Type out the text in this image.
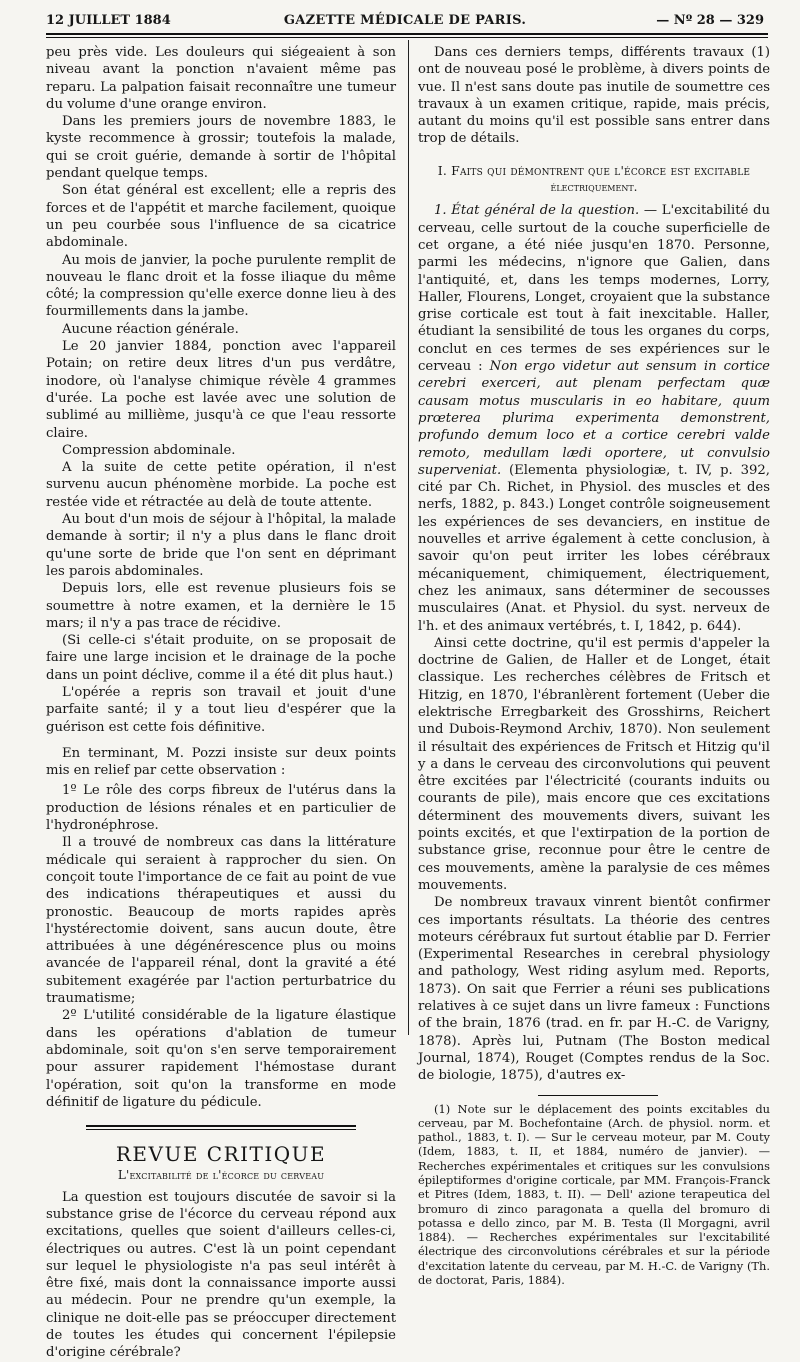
12 JUILLET 1884	GAZETTE MÉDICALE DE PARIS.	— Nº 28 — 329

peu près vide. Les douleurs qui siégeaient à son niveau avant la ponction n'avaient même pas reparu. La palpation faisait reconnaître une tumeur du volume d'une orange environ.

Dans les premiers jours de novembre 1883, le kyste recommence à grossir; toutefois la malade, qui se croit guérie, demande à sortir de l'hôpital pendant quelque temps.

Son état général est excellent; elle a repris des forces et de l'appétit et marche facilement, quoique un peu courbée sous l'influence de sa cicatrice abdominale.

Au mois de janvier, la poche purulente remplit de nouveau le flanc droit et la fosse iliaque du même côté; la compression qu'elle exerce donne lieu à des fourmillements dans la jambe.

Aucune réaction générale.

Le 20 janvier 1884, ponction avec l'appareil Potain; on retire deux litres d'un pus verdâtre, inodore, où l'analyse chimique révèle 4 grammes d'urée. La poche est lavée avec une solution de sublimé au millième, jusqu'à ce que l'eau ressorte claire.

Compression abdominale.

A la suite de cette petite opération, il n'est survenu aucun phénomène morbide. La poche est restée vide et rétractée au delà de toute attente.

Au bout d'un mois de séjour à l'hôpital, la malade demande à sortir; il n'y a plus dans le flanc droit qu'une sorte de bride que l'on sent en déprimant les parois abdominales.

Depuis lors, elle est revenue plusieurs fois se soumettre à notre examen, et la dernière le 15 mars; il n'y a pas trace de récidive.

(Si celle-ci s'était produite, on se proposait de faire une large incision et le drainage de la poche dans un point déclive, comme il a été dit plus haut.)

L'opérée a repris son travail et jouit d'une parfaite santé; il y a tout lieu d'espérer que la guérison est cette fois définitive.

En terminant, M. Pozzi insiste sur deux points mis en relief par cette observation :

1º Le rôle des corps fibreux de l'utérus dans la production de lésions rénales et en particulier de l'hydronéphrose.

Il a trouvé de nombreux cas dans la littérature médicale qui seraient à rapprocher du sien. On conçoit toute l'importance de ce fait au point de vue des indications thérapeutiques et aussi du pronostic. Beaucoup de morts rapides après l'hystérectomie doivent, sans aucun doute, être attribuées à une dégénérescence plus ou moins avancée de l'appareil rénal, dont la gravité a été subitement exagérée par l'action perturbatrice du traumatisme;

2º L'utilité considérable de la ligature élastique dans les opérations d'ablation de tumeur abdominale, soit qu'on s'en serve temporairement pour assurer rapidement l'hémostase durant l'opération, soit qu'on la transforme en mode définitif de ligature du pédicule.

REVUE CRITIQUE

L'excitabilité de l'écorce du cerveau

La question est toujours discutée de savoir si la substance grise de l'écorce du cerveau répond aux excitations, quelles que soient d'ailleurs celles-ci, électriques ou autres. C'est là un point cependant sur lequel le physiologiste n'a pas seul intérêt à être fixé, mais dont la connaissance importe aussi au médecin. Pour ne prendre qu'un exemple, la clinique ne doit-elle pas se préoccuper directement de toutes les études qui concernent l'épilepsie d'origine cérébrale?

Dans ces derniers temps, différents travaux (1) ont de nouveau posé le problème, à divers points de vue. Il n'est sans doute pas inutile de soumettre ces travaux à un examen critique, rapide, mais précis, autant du moins qu'il est possible sans entrer dans trop de détails.

I. Faits qui démontrent que l'écorce est excitable

électriquement.

1. État général de la question. — L'excitabilité du cerveau, celle surtout de la couche superficielle de cet organe, a été niée jusqu'en 1870. Personne, parmi les médecins, n'ignore que Galien, dans l'antiquité, et, dans les temps modernes, Lorry, Haller, Flourens, Longet, croyaient que la substance grise corticale est tout à fait inexcitable. Haller, étudiant la sensibilité de tous les organes du corps, conclut en ces termes de ses expériences sur le cerveau : Non ergo videtur aut sensum in cortice cerebri exerceri, aut plenam perfectam quæ causam motus muscularis in eo habitare, quum prœterea plurima experimenta demonstrent, profundo demum loco et a cortice cerebri valde remoto, medullam lædi oportere, ut convulsio superveniat. (Elementa physiologiæ, t. IV, p. 392, cité par Ch. Richet, in Physiol. des muscles et des nerfs, 1882, p. 843.) Longet contrôle soigneusement les expériences de ses devanciers, en institue de nouvelles et arrive également à cette conclusion, à savoir qu'on peut irriter les lobes cérébraux mécaniquement, chimiquement, électriquement, chez les animaux, sans déterminer de secousses musculaires (Anat. et Physiol. du syst. nerveux de l'h. et des animaux vertébrés, t. I, 1842, p. 644).

Ainsi cette doctrine, qu'il est permis d'appeler la doctrine de Galien, de Haller et de Longet, était classique. Les recherches célèbres de Fritsch et Hitzig, en 1870, l'ébranlèrent fortement (Ueber die elektrische Erregbarkeit des Grosshirns, Reichert und Dubois-Reymond Archiv, 1870). Non seulement il résultait des expériences de Fritsch et Hitzig qu'il y a dans le cerveau des circonvolutions qui peuvent être excitées par l'électricité (courants induits ou courants de pile), mais encore que ces excitations déterminent des mouvements divers, suivant les points excités, et que l'extirpation de la portion de substance grise, reconnue pour être le centre de ces mouvements, amène la paralysie de ces mêmes mouvements.

De nombreux travaux vinrent bientôt confirmer ces importants résultats. La théorie des centres moteurs cérébraux fut surtout établie par D. Ferrier (Experimental Researches in cerebral physiology and pathology, West riding asylum med. Reports, 1873). On sait que Ferrier a réuni ses publications relatives à ce sujet dans un livre fameux : Functions of the brain, 1876 (trad. en fr. par H.-C. de Varigny, 1878). Après lui, Putnam (The Boston medical Journal, 1874), Rouget (Comptes rendus de la Soc. de biologie, 1875), d'autres ex-

(1) Note sur le déplacement des points excitables du cerveau, par M. Bochefontaine (Arch. de physiol. norm. et pathol., 1883, t. I). — Sur le cerveau moteur, par M. Couty (Idem, 1883, t. II, et 1884, numéro de janvier). — Recherches expérimentales et critiques sur les convulsions épileptiformes d'origine corticale, par MM. François-Franck et Pitres (Idem, 1883, t. II). — Dell' azione terapeutica del bromuro di zinco paragonata a quella del bromuro di potassa e dello zinco, par M. B. Testa (Il Morgagni, avril 1884). — Recherches expérimentales sur l'excitabilité électrique des circonvolutions cérébrales et sur la période d'excitation latente du cerveau, par M. H.-C. de Varigny (Th. de doctorat, Paris, 1884).
